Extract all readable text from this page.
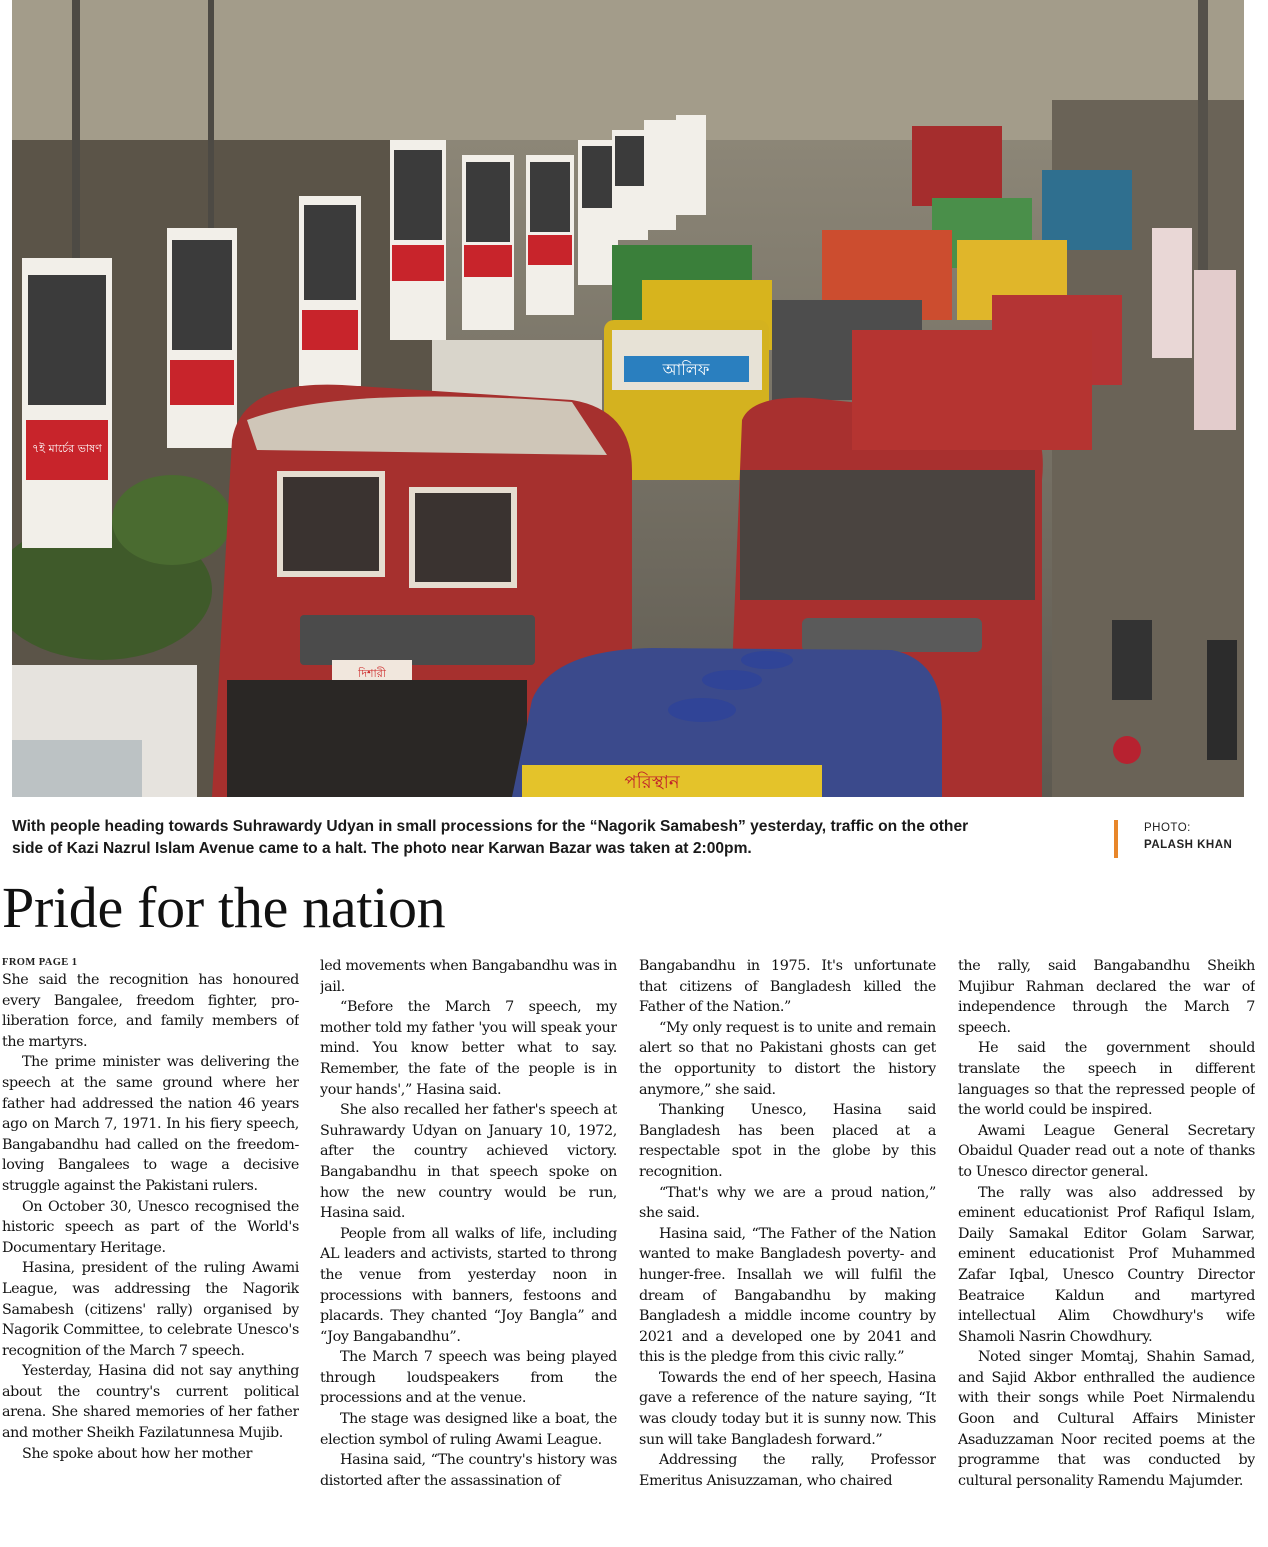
৭ই মার্চের ভাষণ
আলিফ
দিশারী
পরিস্থান
With people heading towards Suhrawardy Udyan in small processions for the “Nagorik Samabesh” yesterday, traffic on the other side of Kazi Nazrul Islam Avenue came to a halt. The photo near Karwan Bazar was taken at 2:00pm.
PHOTO:
PALASH KHAN
Pride for the nation
FROM PAGE 1

She said the recognition has honoured every Bangalee, freedom fighter, pro-liberation force, and family members of the martyrs.

The prime minister was delivering the speech at the same ground where her father had addressed the nation 46 years ago on March 7, 1971. In his fiery speech, Bangabandhu had called on the freedom-loving Bangalees to wage a decisive struggle against the Pakistani rulers.

On October 30, Unesco recognised the historic speech as part of the World's Documentary Heritage.

Hasina, president of the ruling Awami League, was addressing the Nagorik Samabesh (citizens' rally) organised by Nagorik Committee, to celebrate Unesco's recognition of the March 7 speech.

Yesterday, Hasina did not say anything about the country's current political arena. She shared memories of her father and mother Sheikh Fazilatunnesa Mujib.

She spoke about how her mother

led movements when Bangabandhu was in jail.

“Before the March 7 speech, my mother told my father 'you will speak your mind. You know better what to say. Remember, the fate of the people is in your hands',” Hasina said.

She also recalled her father's speech at Suhrawardy Udyan on January 10, 1972, after the country achieved victory. Bangabandhu in that speech spoke on how the new country would be run, Hasina said.

People from all walks of life, including AL leaders and activists, started to throng the venue from yesterday noon in processions with banners, festoons and placards. They chanted “Joy Bangla” and “Joy Bangabandhu”.

The March 7 speech was being played through loudspeakers from the processions and at the venue.

The stage was designed like a boat, the election symbol of ruling Awami League.

Hasina said, “The country's history was distorted after the assassination of

Bangabandhu in 1975. It's unfortunate that citizens of Bangladesh killed the Father of the Nation.”

“My only request is to unite and remain alert so that no Pakistani ghosts can get the opportunity to distort the history anymore,” she said.

Thanking Unesco, Hasina said Bangladesh has been placed at a respectable spot in the globe by this recognition.

“That's why we are a proud nation,” she said.

Hasina said, “The Father of the Nation wanted to make Bangladesh poverty- and hunger-free. Insallah we will fulfil the dream of Bangabandhu by making Bangladesh a middle income country by 2021 and a developed one by 2041 and this is the pledge from this civic rally.”

Towards the end of her speech, Hasina gave a reference of the nature saying, “It was cloudy today but it is sunny now. This sun will take Bangladesh forward.”

Addressing the rally, Professor Emeritus Anisuzzaman, who chaired

the rally, said Bangabandhu Sheikh Mujibur Rahman declared the war of independence through the March 7 speech.

He said the government should translate the speech in different languages so that the repressed people of the world could be inspired.

Awami League General Secretary Obaidul Quader read out a note of thanks to Unesco director general.

The rally was also addressed by eminent educationist Prof Rafiqul Islam, Daily Samakal Editor Golam Sarwar, eminent educationist Prof Muhammed Zafar Iqbal, Unesco Country Director Beatraice Kaldun and martyred intellectual Alim Chowdhury's wife Shamoli Nasrin Chowdhury.

Noted singer Momtaj, Shahin Samad, and Sajid Akbor enthralled the audience with their songs while Poet Nirmalendu Goon and Cultural Affairs Minister Asaduzzaman Noor recited poems at the programme that was conducted by cultural personality Ramendu Majumder.
